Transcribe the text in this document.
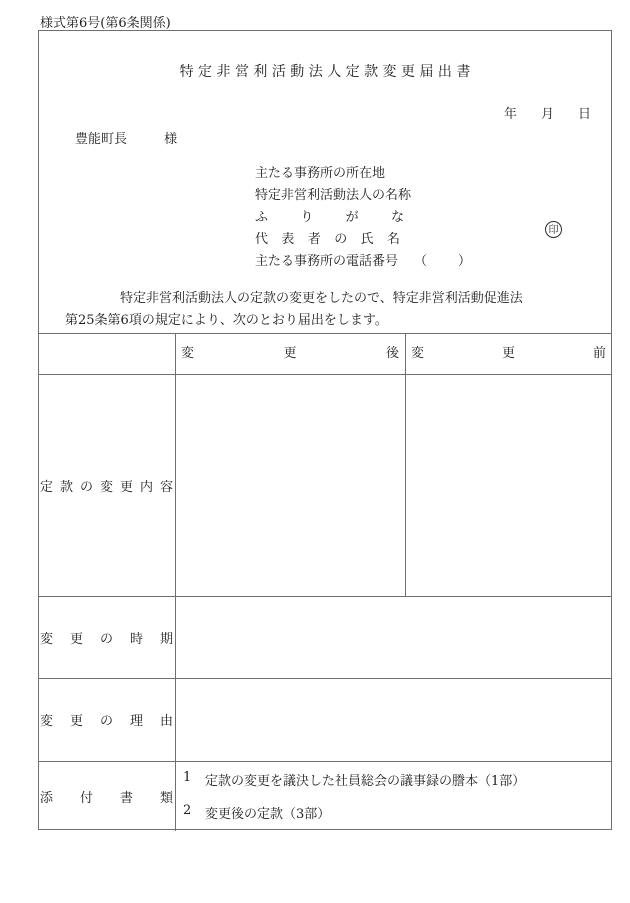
様式第6号(第6条関係)
特 定 非 営 利 活 動 法 人 定 款 変 更 届 出 書
年 月 日
豊能町長	様
主たる事務所の所在地
特定非営利活動法人の名称
ふ り が な
代 表 者 の 氏 名
印
主たる事務所の電話番号 （ ）
特定非営利活動法人の定款の変更をしたので、特定非営利活動促進法
第25条第6項の規定により、次のとおり届出をします。
変　　更　　後 変　　更　　前
定 款 の 変 更 内 容
変 更 の 時 期
変 更 の 理 由
添 付 書 類
1	定款の変更を議決した社員総会の議事録の謄本（1部）
2	変更後の定款（3部）
